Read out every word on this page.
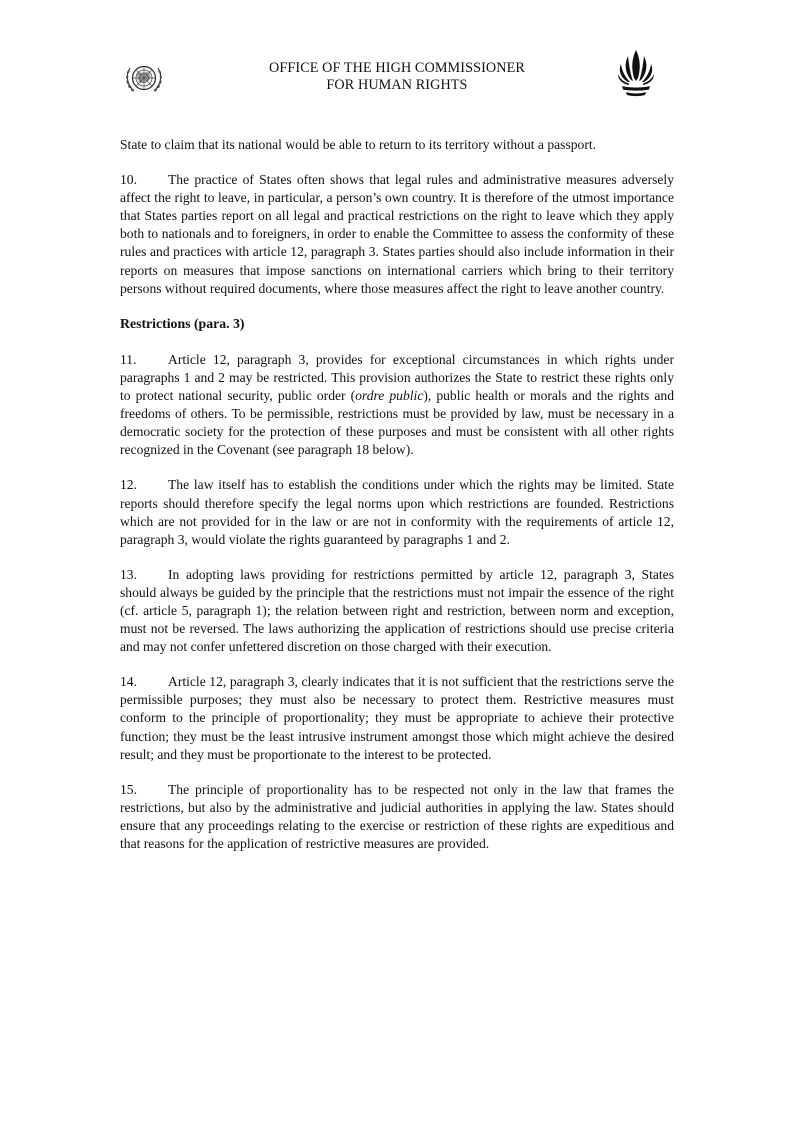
OFFICE OF THE HIGH COMMISSIONER
FOR HUMAN RIGHTS

State to claim that its national would be able to return to its territory without a passport.

10. The practice of States often shows that legal rules and administrative measures adversely affect the right to leave, in particular, a person’s own country. It is therefore of the utmost importance that States parties report on all legal and practical restrictions on the right to leave which they apply both to nationals and to foreigners, in order to enable the Committee to assess the conformity of these rules and practices with article 12, paragraph 3. States parties should also include information in their reports on measures that impose sanctions on international carriers which bring to their territory persons without required documents, where those measures affect the right to leave another country.

Restrictions (para. 3)

11. Article 12, paragraph 3, provides for exceptional circumstances in which rights under paragraphs 1 and 2 may be restricted. This provision authorizes the State to restrict these rights only to protect national security, public order (ordre public), public health or morals and the rights and freedoms of others. To be permissible, restrictions must be provided by law, must be necessary in a democratic society for the protection of these purposes and must be consistent with all other rights recognized in the Covenant (see paragraph 18 below).

12. The law itself has to establish the conditions under which the rights may be limited. State reports should therefore specify the legal norms upon which restrictions are founded. Restrictions which are not provided for in the law or are not in conformity with the requirements of article 12, paragraph 3, would violate the rights guaranteed by paragraphs 1 and 2.

13. In adopting laws providing for restrictions permitted by article 12, paragraph 3, States should always be guided by the principle that the restrictions must not impair the essence of the right (cf. article 5, paragraph 1); the relation between right and restriction, between norm and exception, must not be reversed. The laws authorizing the application of restrictions should use precise criteria and may not confer unfettered discretion on those charged with their execution.

14. Article 12, paragraph 3, clearly indicates that it is not sufficient that the restrictions serve the permissible purposes; they must also be necessary to protect them. Restrictive measures must conform to the principle of proportionality; they must be appropriate to achieve their protective function; they must be the least intrusive instrument amongst those which might achieve the desired result; and they must be proportionate to the interest to be protected.

15. The principle of proportionality has to be respected not only in the law that frames the restrictions, but also by the administrative and judicial authorities in applying the law. States should ensure that any proceedings relating to the exercise or restriction of these rights are expeditious and that reasons for the application of restrictive measures are provided.
